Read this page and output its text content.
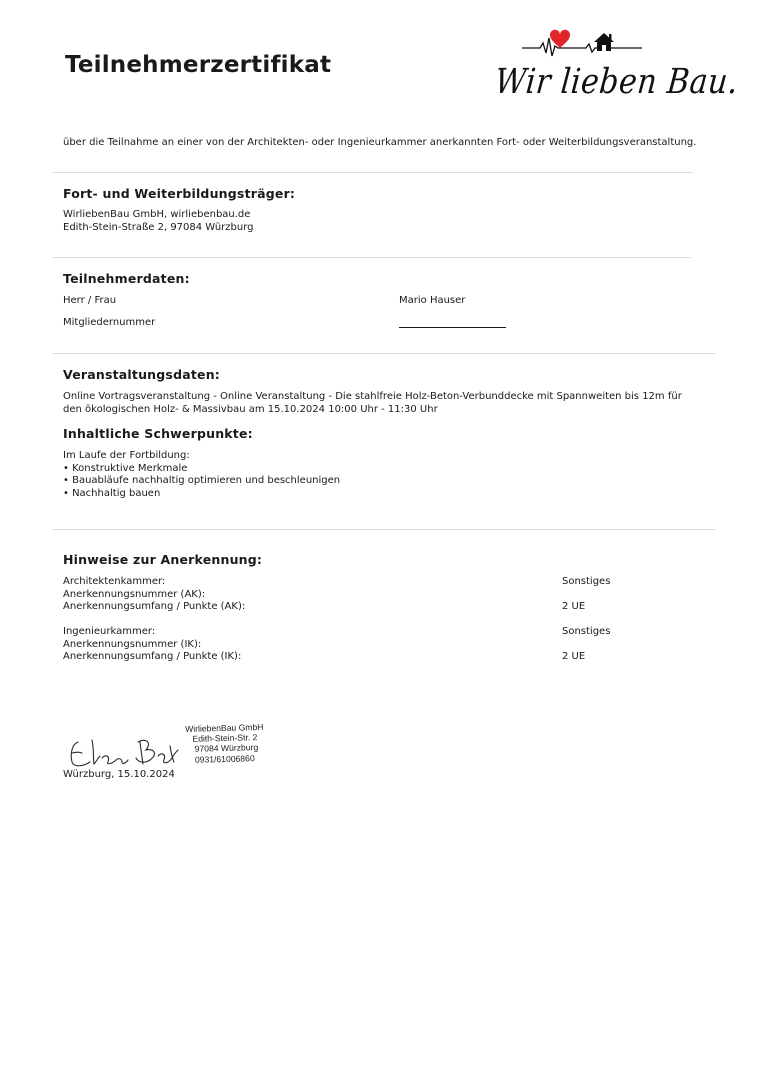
Teilnehmerzertifikat	Wir lieben Bau.
über die Teilnahme an einer von der Architekten- oder Ingenieurkammer anerkannten Fort- oder Weiterbildungsveranstaltung.
Fort- und Weiterbildungsträger:
WirliebenBau GmbH, wirliebenbau.de
Edith-Stein-Straße 2, 97084 Würzburg
Teilnehmerdaten:
Herr / Frau	Mario Hauser
Mitgliedernummer
Veranstaltungsdaten:
Online Vortragsveranstaltung - Online Veranstaltung - Die stahlfreie Holz-Beton-Verbunddecke mit Spannweiten bis 12m für
den ökologischen Holz- & Massivbau am 15.10.2024 10:00 Uhr - 11:30 Uhr
Inhaltliche Schwerpunkte:
Im Laufe der Fortbildung:
• Konstruktive Merkmale
• Bauabläufe nachhaltig optimieren und beschleunigen
• Nachhaltig bauen
Hinweise zur Anerkennung:
Architektenkammer:
Anerkennungsnummer (AK):
Anerkennungsumfang / Punkte (AK):
Sonstiges
2 UE
Ingenieurkammer:
Anerkennungsnummer (IK):
Anerkennungsumfang / Punkte (IK):
Sonstiges
2 UE
WirliebenBau GmbH
Edith-Stein-Str. 2
97084 Würzburg
0931/61006860
Würzburg, 15.10.2024
